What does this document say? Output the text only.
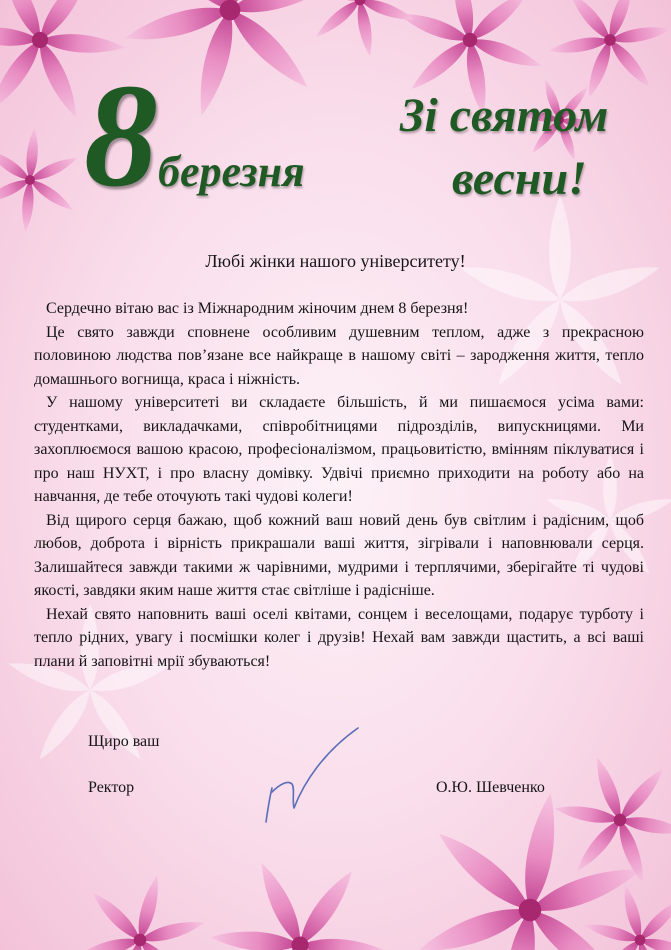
8 березня
Зі святом
весни!
Любі жінки нашого університету!

Сердечно вітаю вас із Міжнародним жіночим днем 8 березня!

Це свято завжди сповнене особливим душевним теплом, адже з прекрасною половиною людства пов’язане все найкраще в нашому світі – зародження життя, тепло домашнього вогнища, краса і ніжність.

У нашому університеті ви складаєте більшість, й ми пишаємося усіма вами: студентками, викладачками, співробітницями підрозділів, випускницями. Ми захоплюємося вашою красою, професіоналізмом, працьовитістю, вмінням піклуватися і про наш НУХТ, і про власну домівку. Удвічі приємно приходити на роботу або на навчання, де тебе оточують такі чудові колеги!

Від щирого серця бажаю, щоб кожний ваш новий день був світлим і радісним, щоб любов, доброта і вірність прикрашали ваші життя, зігрівали і наповнювали серця. Залишайтеся завжди такими ж чарівними, мудрими і терплячими, зберігайте ті чудові якості, завдяки яким наше життя стає світліше і радісніше.

Нехай свято наповнить ваші оселі квітами, сонцем і веселощами, подарує турботу і тепло рідних, увагу і посмішки колег і друзів! Нехай вам завжди щастить, а всі ваші плани й заповітні мрії збуваються!

Щиро ваш
Ректор	О.Ю. Шевченко
